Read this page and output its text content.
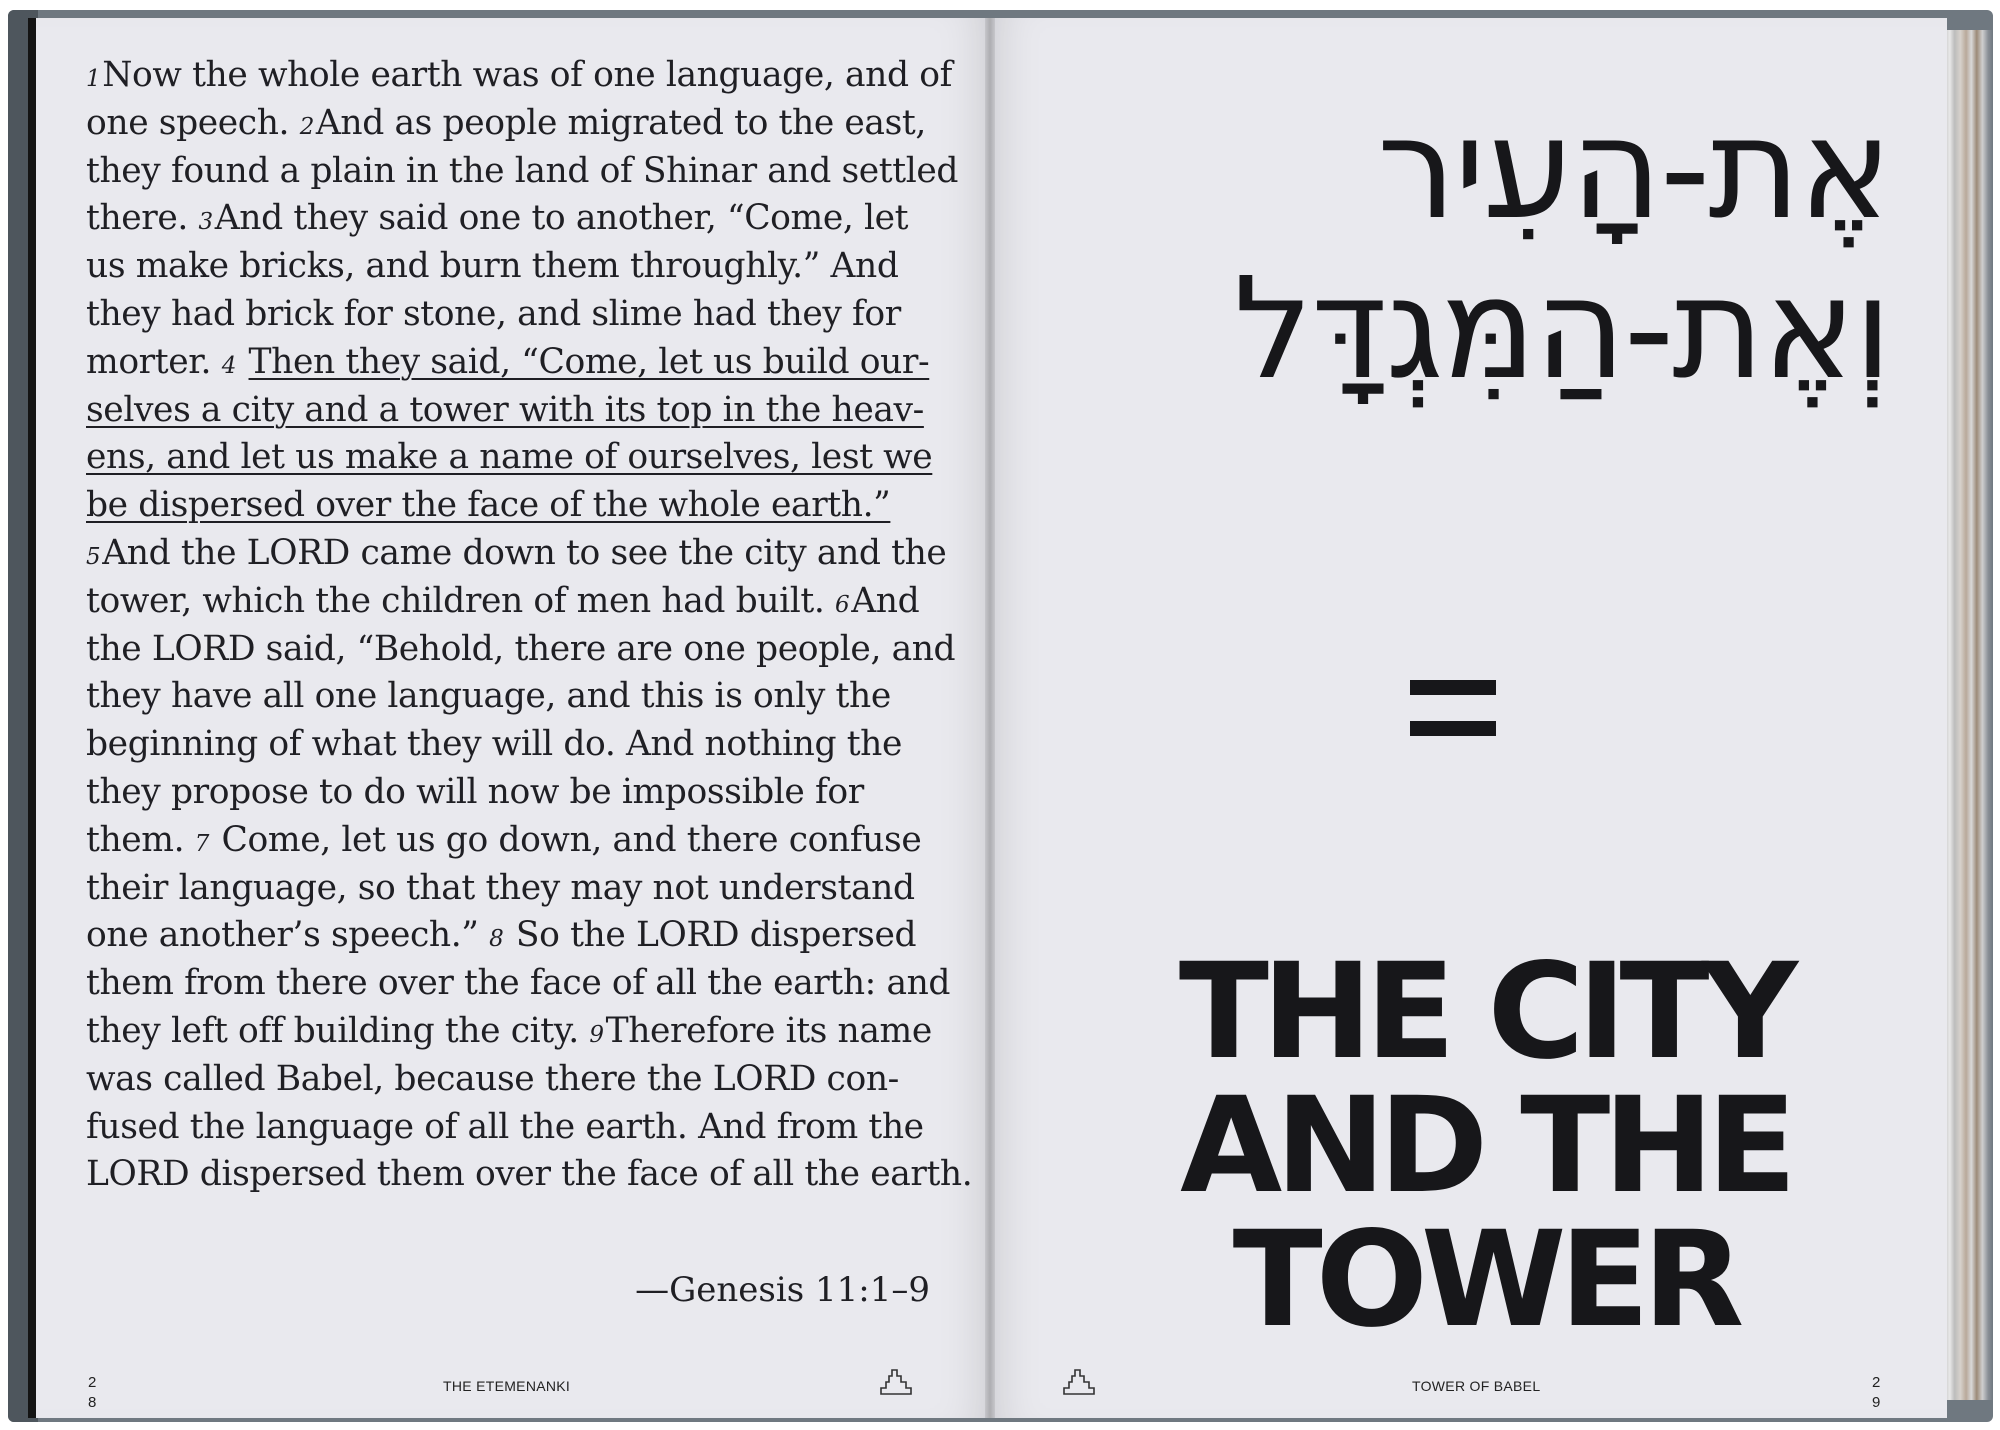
1Now the whole earth was of one language, and of
one speech. 2And as people migrated to the east,
they found a plain in the land of Shinar and settled
there. 3And they said one to another, “Come, let
us make bricks, and burn them throughly.” And
they had brick for stone, and slime had they for
morter. 4 Then they said, “Come, let us build our-
selves a city and a tower with its top in the heav-
ens, and let us make a name of ourselves, lest we
be dispersed over the face of the whole earth.”
5And the LORD came down to see the city and the
tower, which the children of men had built. 6And
the LORD said, “Behold, there are one people, and
they have all one language, and this is only the
beginning of what they will do. And nothing the
they propose to do will now be impossible for
them. 7 Come, let us go down, and there confuse
their language, so that they may not understand
one another’s speech.” 8 So the LORD dispersed
them from there over the face of all the earth: and
they left off building the city. 9Therefore its name
was called Babel, because there the LORD con-
fused the language of all the earth. And from the
LORD dispersed them over the face of all the earth.
—Genesis 11:1–9
2
8
THE ETEMENANKI
אֶת-הָעִיר
וְאֶת-הַמִּגְדָּל
THE CITY
AND THE
TOWER
TOWER OF BABEL	2
9
